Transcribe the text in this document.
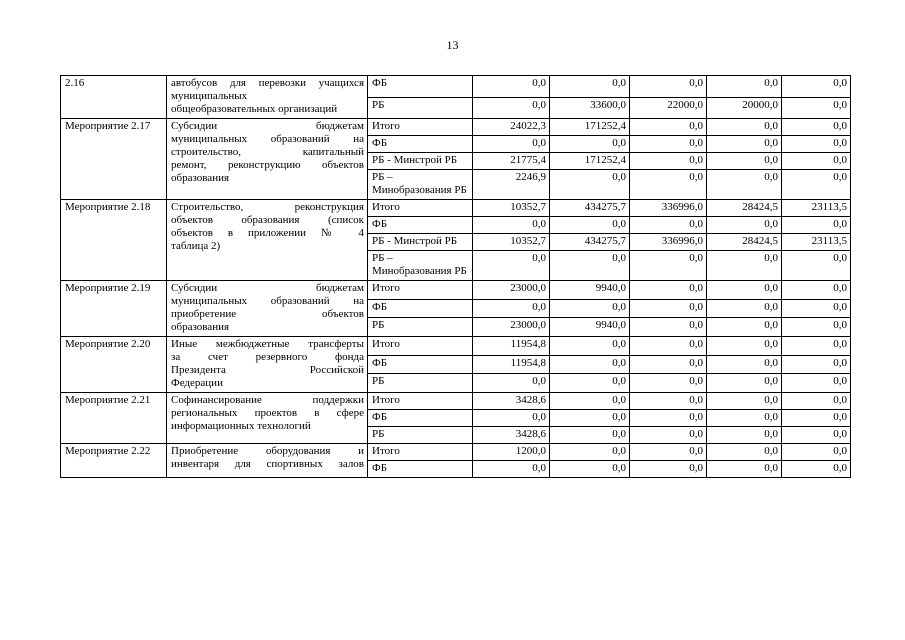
13
2.16	автобусов для перевозки учащихся
муниципальных
общеобразовательных организаций	ФБ	0,0	0,0	0,0	0,0	0,0
		РБ	0,0	33600,0	22000,0	20000,0	0,0
Мероприятие 2.17	Субсидии бюджетам
муниципальных образований на
строительство, капитальный
ремонт, реконструкцию объектов
образования	Итого	24022,3	171252,4	0,0	0,0	0,0
		ФБ	0,0	0,0	0,0	0,0	0,0
		РБ - Минстрой РБ	21775,4	171252,4	0,0	0,0	0,0
		РБ – Минобразования РБ	2246,9	0,0	0,0	0,0	0,0
Мероприятие 2.18	Строительство, реконструкция
объектов образования (список
объектов в приложении № 4
таблица 2)	Итого	10352,7	434275,7	336996,0	28424,5	23113,5
		ФБ	0,0	0,0	0,0	0,0	0,0
		РБ - Минстрой РБ	10352,7	434275,7	336996,0	28424,5	23113,5
		РБ – Минобразования РБ	0,0	0,0	0,0	0,0	0,0
Мероприятие 2.19	Субсидии бюджетам
муниципальных образований на
приобретение объектов
образования	Итого	23000,0	9940,0	0,0	0,0	0,0
		ФБ	0,0	0,0	0,0	0,0	0,0
		РБ	23000,0	9940,0	0,0	0,0	0,0
Мероприятие 2.20	Иные межбюджетные трансферты
за счет резервного фонда
Президента Российской
Федерации	Итого	11954,8	0,0	0,0	0,0	0,0
		ФБ	11954,8	0,0	0,0	0,0	0,0
		РБ	0,0	0,0	0,0	0,0	0,0
Мероприятие 2.21	Софинансирование поддержки
региональных проектов в сфере
информационных технологий	Итого	3428,6	0,0	0,0	0,0	0,0
		ФБ	0,0	0,0	0,0	0,0	0,0
		РБ	3428,6	0,0	0,0	0,0	0,0
Мероприятие 2.22	Приобретение оборудования и
инвентаря для спортивных залов	Итого	1200,0	0,0	0,0	0,0	0,0
		ФБ	0,0	0,0	0,0	0,0	0,0
